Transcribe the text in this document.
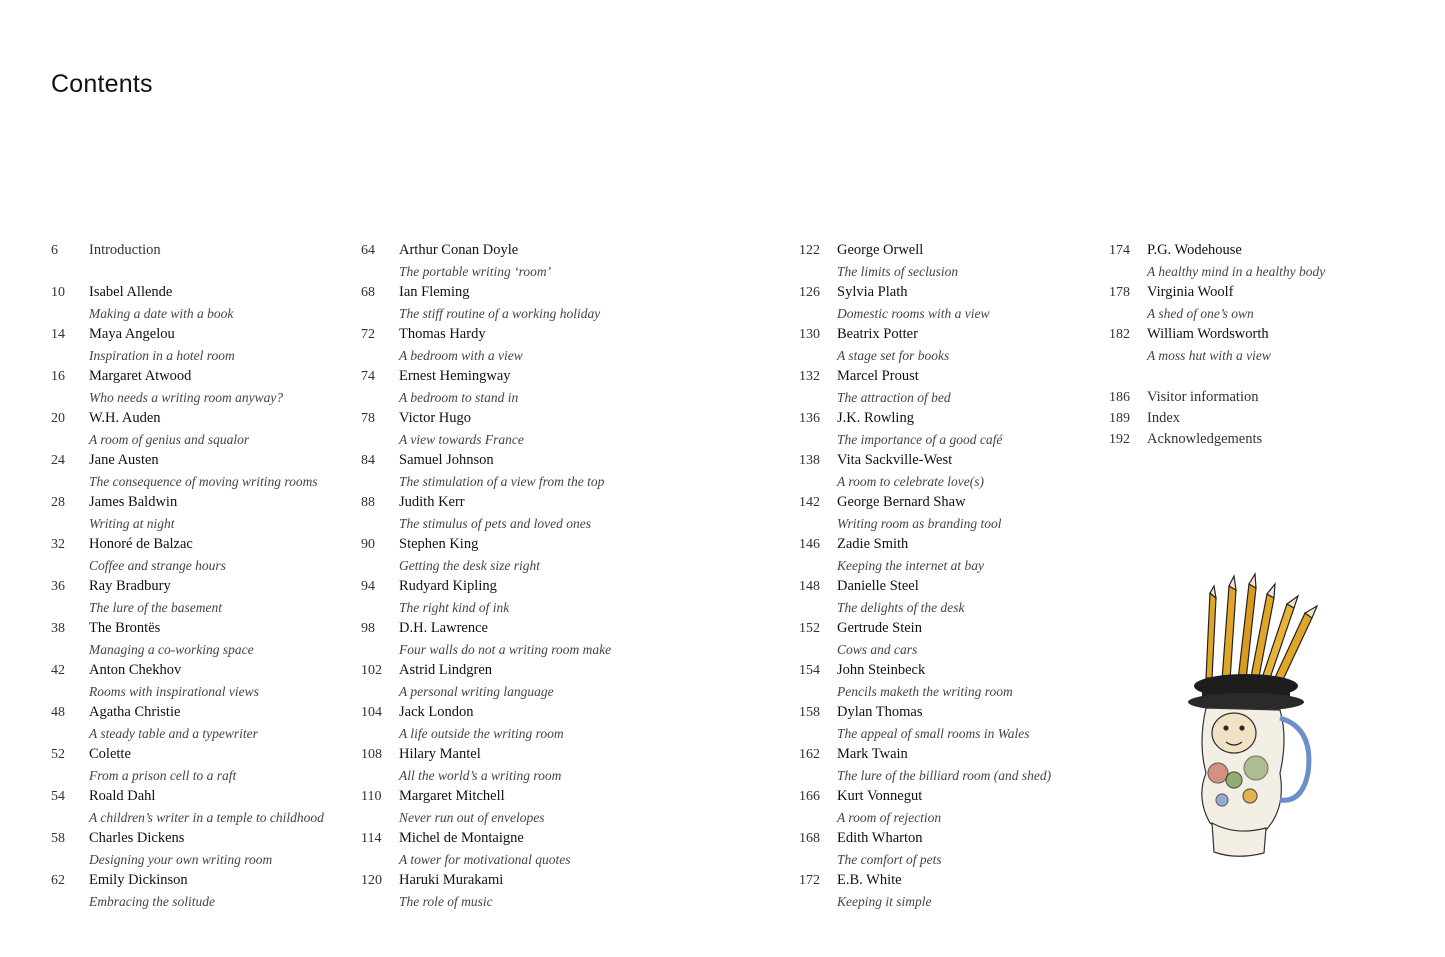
Contents
6	Introduction
10	Isabel Allende
Making a date with a book
14	Maya Angelou
Inspiration in a hotel room
16	Margaret Atwood
Who needs a writing room anyway?
20	W.H. Auden
A room of genius and squalor
24	Jane Austen
The consequence of moving writing rooms
28	James Baldwin
Writing at night
32	Honoré de Balzac
Coffee and strange hours
36	Ray Bradbury
The lure of the basement
38	The Brontës
Managing a co-working space
42	Anton Chekhov
Rooms with inspirational views
48	Agatha Christie
A steady table and a typewriter
52	Colette
From a prison cell to a raft
54	Roald Dahl
A children’s writer in a temple to childhood
58	Charles Dickens
Designing your own writing room
62	Emily Dickinson
Embracing the solitude
64	Arthur Conan Doyle
The portable writing ‘room’
68	Ian Fleming
The stiff routine of a working holiday
72	Thomas Hardy
A bedroom with a view
74	Ernest Hemingway
A bedroom to stand in
78	Victor Hugo
A view towards France
84	Samuel Johnson
The stimulation of a view from the top
88	Judith Kerr
The stimulus of pets and loved ones
90	Stephen King
Getting the desk size right
94	Rudyard Kipling
The right kind of ink
98	D.H. Lawrence
Four walls do not a writing room make
102	Astrid Lindgren
A personal writing language
104	Jack London
A life outside the writing room
108	Hilary Mantel
All the world’s a writing room
110	Margaret Mitchell
Never run out of envelopes
114	Michel de Montaigne
A tower for motivational quotes
120	Haruki Murakami
The role of music
122	George Orwell
The limits of seclusion
126	Sylvia Plath
Domestic rooms with a view
130	Beatrix Potter
A stage set for books
132	Marcel Proust
The attraction of bed
136	J.K. Rowling
The importance of a good café
138	Vita Sackville-West
A room to celebrate love(s)
142	George Bernard Shaw
Writing room as branding tool
146	Zadie Smith
Keeping the internet at bay
148	Danielle Steel
The delights of the desk
152	Gertrude Stein
Cows and cars
154	John Steinbeck
Pencils maketh the writing room
158	Dylan Thomas
The appeal of small rooms in Wales
162	Mark Twain
The lure of the billiard room (and shed)
166	Kurt Vonnegut
A room of rejection
168	Edith Wharton
The comfort of pets
172	E.B. White
Keeping it simple
174	P.G. Wodehouse
A healthy mind in a healthy body
178	Virginia Woolf
A shed of one’s own
182	William Wordsworth
A moss hut with a view
186	Visitor information
189	Index
192	Acknowledgements
